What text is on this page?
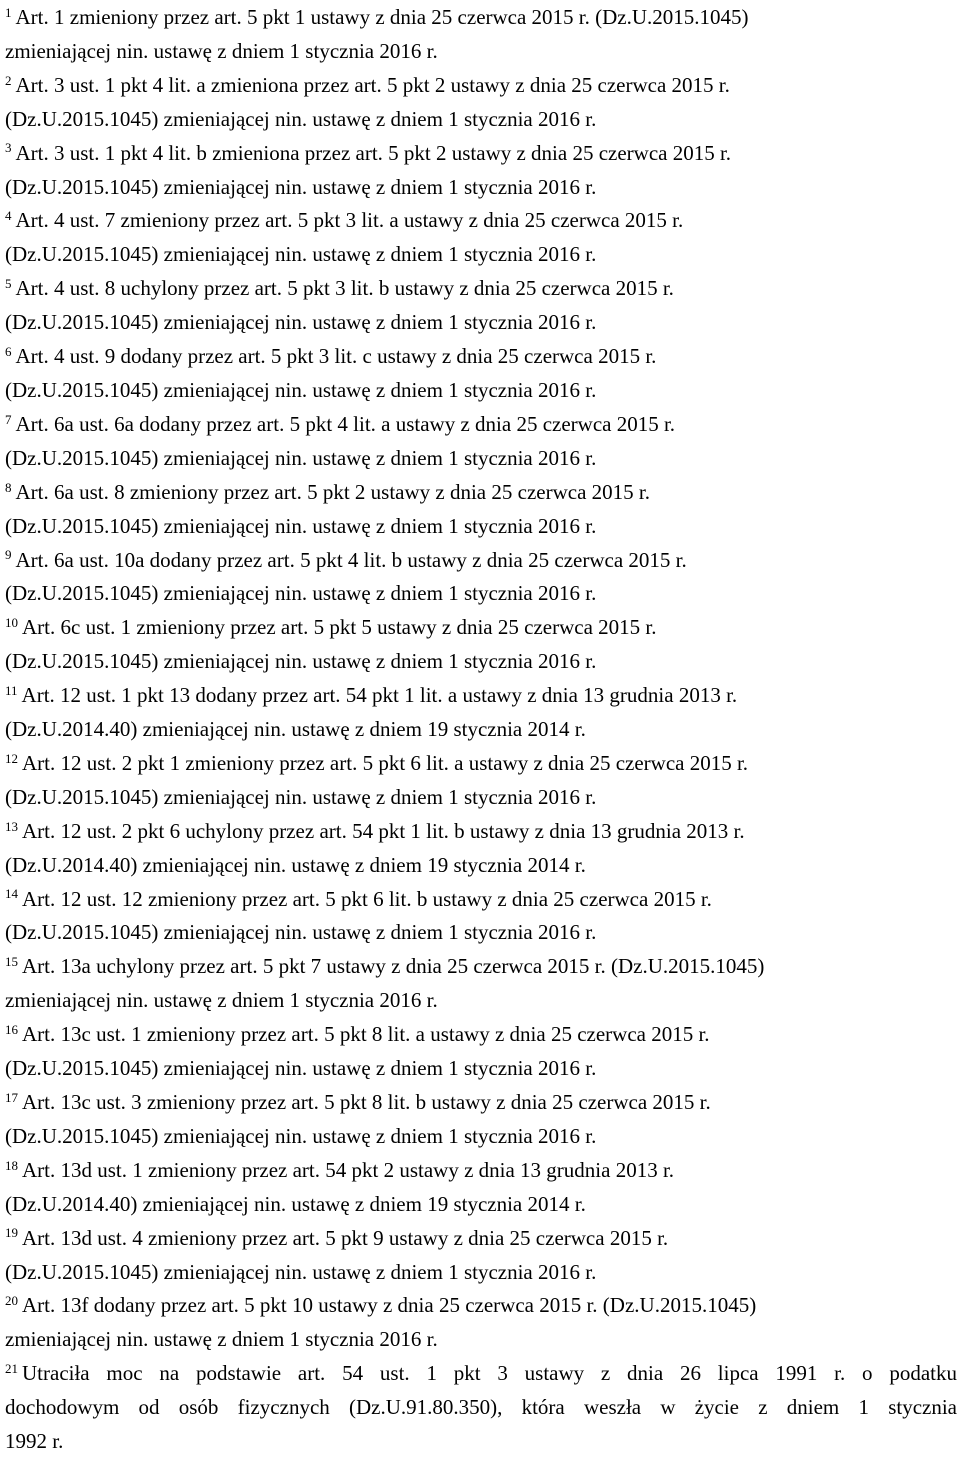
$^1$ Art. 1 zmieniony przez art. 5 pkt 1 ustawy z dnia 25 czerwca 2015 r. (Dz.U.2015.1045)
zmieniającej nin. ustawę z dniem 1 stycznia 2016 r.

$^2$ Art. 3 ust. 1 pkt 4 lit. a zmieniona przez art. 5 pkt 2 ustawy z dnia 25 czerwca 2015 r.
(Dz.U.2015.1045) zmieniającej nin. ustawę z dniem 1 stycznia 2016 r.

$^3$ Art. 3 ust. 1 pkt 4 lit. b zmieniona przez art. 5 pkt 2 ustawy z dnia 25 czerwca 2015 r.
(Dz.U.2015.1045) zmieniającej nin. ustawę z dniem 1 stycznia 2016 r.

$^4$ Art. 4 ust. 7 zmieniony przez art. 5 pkt 3 lit. a ustawy z dnia 25 czerwca 2015 r.
(Dz.U.2015.1045) zmieniającej nin. ustawę z dniem 1 stycznia 2016 r.

$^5$ Art. 4 ust. 8 uchylony przez art. 5 pkt 3 lit. b ustawy z dnia 25 czerwca 2015 r.
(Dz.U.2015.1045) zmieniającej nin. ustawę z dniem 1 stycznia 2016 r.

$^6$ Art. 4 ust. 9 dodany przez art. 5 pkt 3 lit. c ustawy z dnia 25 czerwca 2015 r.
(Dz.U.2015.1045) zmieniającej nin. ustawę z dniem 1 stycznia 2016 r.

$^7$ Art. 6a ust. 6a dodany przez art. 5 pkt 4 lit. a ustawy z dnia 25 czerwca 2015 r.
(Dz.U.2015.1045) zmieniającej nin. ustawę z dniem 1 stycznia 2016 r.

$^8$ Art. 6a ust. 8 zmieniony przez art. 5 pkt 2 ustawy z dnia 25 czerwca 2015 r.
(Dz.U.2015.1045) zmieniającej nin. ustawę z dniem 1 stycznia 2016 r.

$^9$ Art. 6a ust. 10a dodany przez art. 5 pkt 4 lit. b ustawy z dnia 25 czerwca 2015 r.
(Dz.U.2015.1045) zmieniającej nin. ustawę z dniem 1 stycznia 2016 r.

$^{10}$ Art. 6c ust. 1 zmieniony przez art. 5 pkt 5 ustawy z dnia 25 czerwca 2015 r.
(Dz.U.2015.1045) zmieniającej nin. ustawę z dniem 1 stycznia 2016 r.

$^{11}$ Art. 12 ust. 1 pkt 13 dodany przez art. 54 pkt 1 lit. a ustawy z dnia 13 grudnia 2013 r.
(Dz.U.2014.40) zmieniającej nin. ustawę z dniem 19 stycznia 2014 r.

$^{12}$ Art. 12 ust. 2 pkt 1 zmieniony przez art. 5 pkt 6 lit. a ustawy z dnia 25 czerwca 2015 r.
(Dz.U.2015.1045) zmieniającej nin. ustawę z dniem 1 stycznia 2016 r.

$^{13}$ Art. 12 ust. 2 pkt 6 uchylony przez art. 54 pkt 1 lit. b ustawy z dnia 13 grudnia 2013 r.
(Dz.U.2014.40) zmieniającej nin. ustawę z dniem 19 stycznia 2014 r.

$^{14}$ Art. 12 ust. 12 zmieniony przez art. 5 pkt 6 lit. b ustawy z dnia 25 czerwca 2015 r.
(Dz.U.2015.1045) zmieniającej nin. ustawę z dniem 1 stycznia 2016 r.

$^{15}$ Art. 13a uchylony przez art. 5 pkt 7 ustawy z dnia 25 czerwca 2015 r. (Dz.U.2015.1045)
zmieniającej nin. ustawę z dniem 1 stycznia 2016 r.

$^{16}$ Art. 13c ust. 1 zmieniony przez art. 5 pkt 8 lit. a ustawy z dnia 25 czerwca 2015 r.
(Dz.U.2015.1045) zmieniającej nin. ustawę z dniem 1 stycznia 2016 r.

$^{17}$ Art. 13c ust. 3 zmieniony przez art. 5 pkt 8 lit. b ustawy z dnia 25 czerwca 2015 r.
(Dz.U.2015.1045) zmieniającej nin. ustawę z dniem 1 stycznia 2016 r.

$^{18}$ Art. 13d ust. 1 zmieniony przez art. 54 pkt 2 ustawy z dnia 13 grudnia 2013 r.
(Dz.U.2014.40) zmieniającej nin. ustawę z dniem 19 stycznia 2014 r.

$^{19}$ Art. 13d ust. 4 zmieniony przez art. 5 pkt 9 ustawy z dnia 25 czerwca 2015 r.
(Dz.U.2015.1045) zmieniającej nin. ustawę z dniem 1 stycznia 2016 r.

$^{20}$ Art. 13f dodany przez art. 5 pkt 10 ustawy z dnia 25 czerwca 2015 r. (Dz.U.2015.1045)
zmieniającej nin. ustawę z dniem 1 stycznia 2016 r.

$^{21}$ Utraciła moc na podstawie art. 54 ust. 1 pkt 3 ustawy z dnia 26 lipca 1991 r. o podatku
dochodowym od osób fizycznych (Dz.U.91.80.350), która weszła w życie z dniem 1 stycznia
1992 r.
